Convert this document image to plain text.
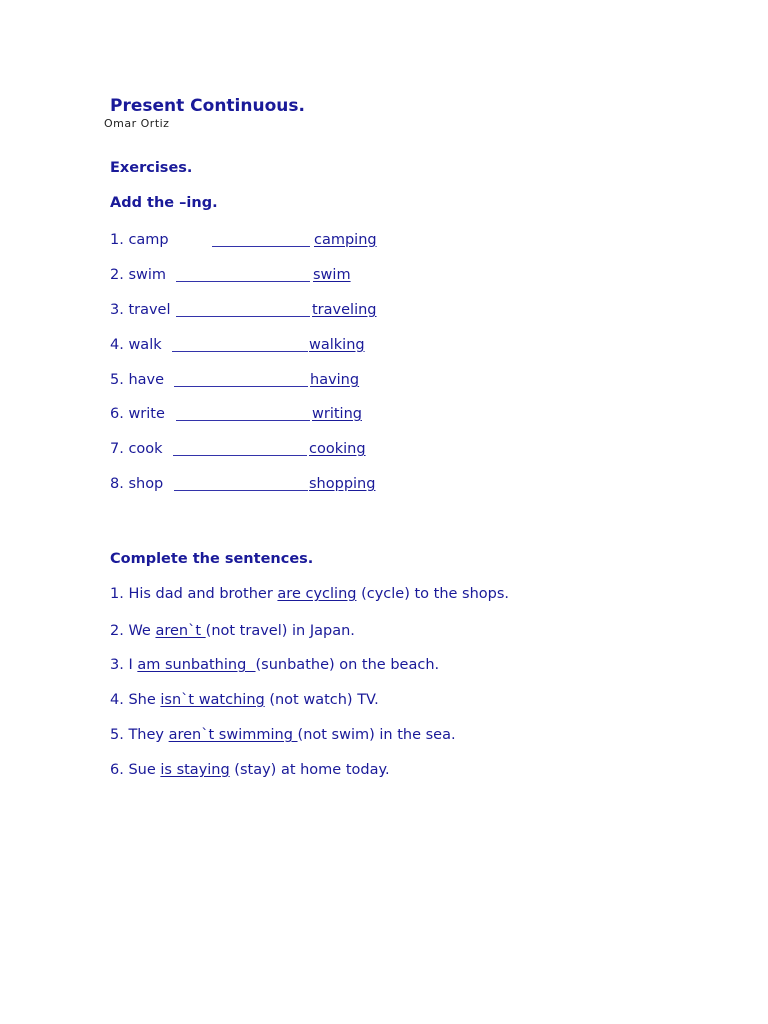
Present Continuous.
Omar Ortiz
Exercises.
Add the –ing.
1. camp	camping
2. swim	swim
3. travel	traveling
4. walk	walking
5. have	having
6. write	writing
7. cook	cooking
8. shop	shopping
Complete the sentences.
1. His dad and brother are cycling (cycle) to the shops.
2. We aren`t (not travel) in Japan.
3. I am sunbathing  (sunbathe) on the beach.
4. She isn`t watching (not watch) TV.
5. They aren`t swimming (not swim) in the sea.
6. Sue is staying (stay) at home today.
